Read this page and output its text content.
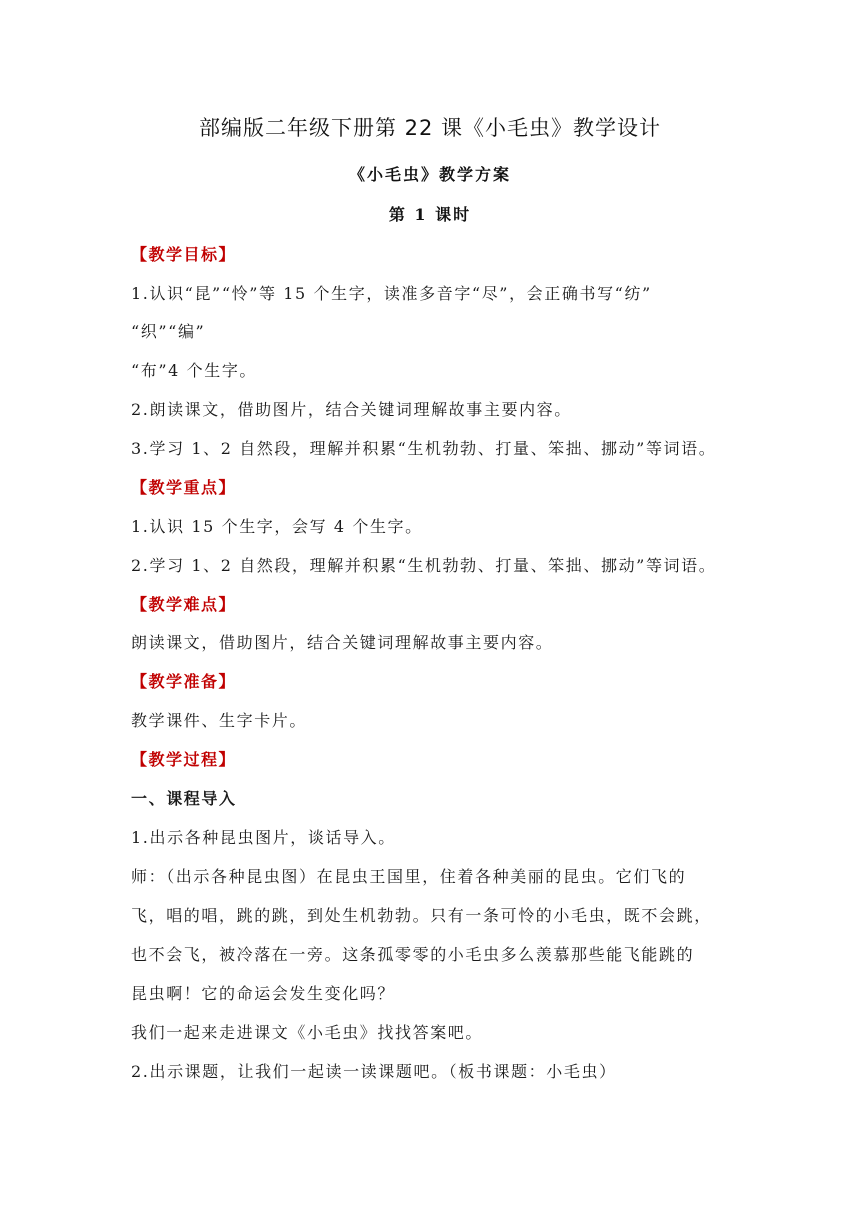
部编版二年级下册第 22 课《小毛虫》教学设计
《小毛虫》教学方案
第 1 课时
【教学目标】
1.认识“昆”“怜”等 15 个生字，读准多音字“尽”，会正确书写“纺”
“织”“编”
“布”4 个生字。
2.朗读课文，借助图片，结合关键词理解故事主要内容。
3.学习 1、2 自然段，理解并积累“生机勃勃、打量、笨拙、挪动”等词语。
【教学重点】
1.认识 15 个生字，会写 4 个生字。
2.学习 1、2 自然段，理解并积累“生机勃勃、打量、笨拙、挪动”等词语。
【教学难点】
朗读课文，借助图片，结合关键词理解故事主要内容。
【教学准备】
教学课件、生字卡片。
【教学过程】
一、课程导入
1.出示各种昆虫图片，谈话导入。
师：（出示各种昆虫图）在昆虫王国里，住着各种美丽的昆虫。它们飞的
飞，唱的唱，跳的跳，到处生机勃勃。只有一条可怜的小毛虫，既不会跳，
也不会飞，被冷落在一旁。这条孤零零的小毛虫多么羡慕那些能飞能跳的
昆虫啊！它的命运会发生变化吗？
我们一起来走进课文《小毛虫》找找答案吧。
2.出示课题，让我们一起读一读课题吧。（板书课题：小毛虫）
